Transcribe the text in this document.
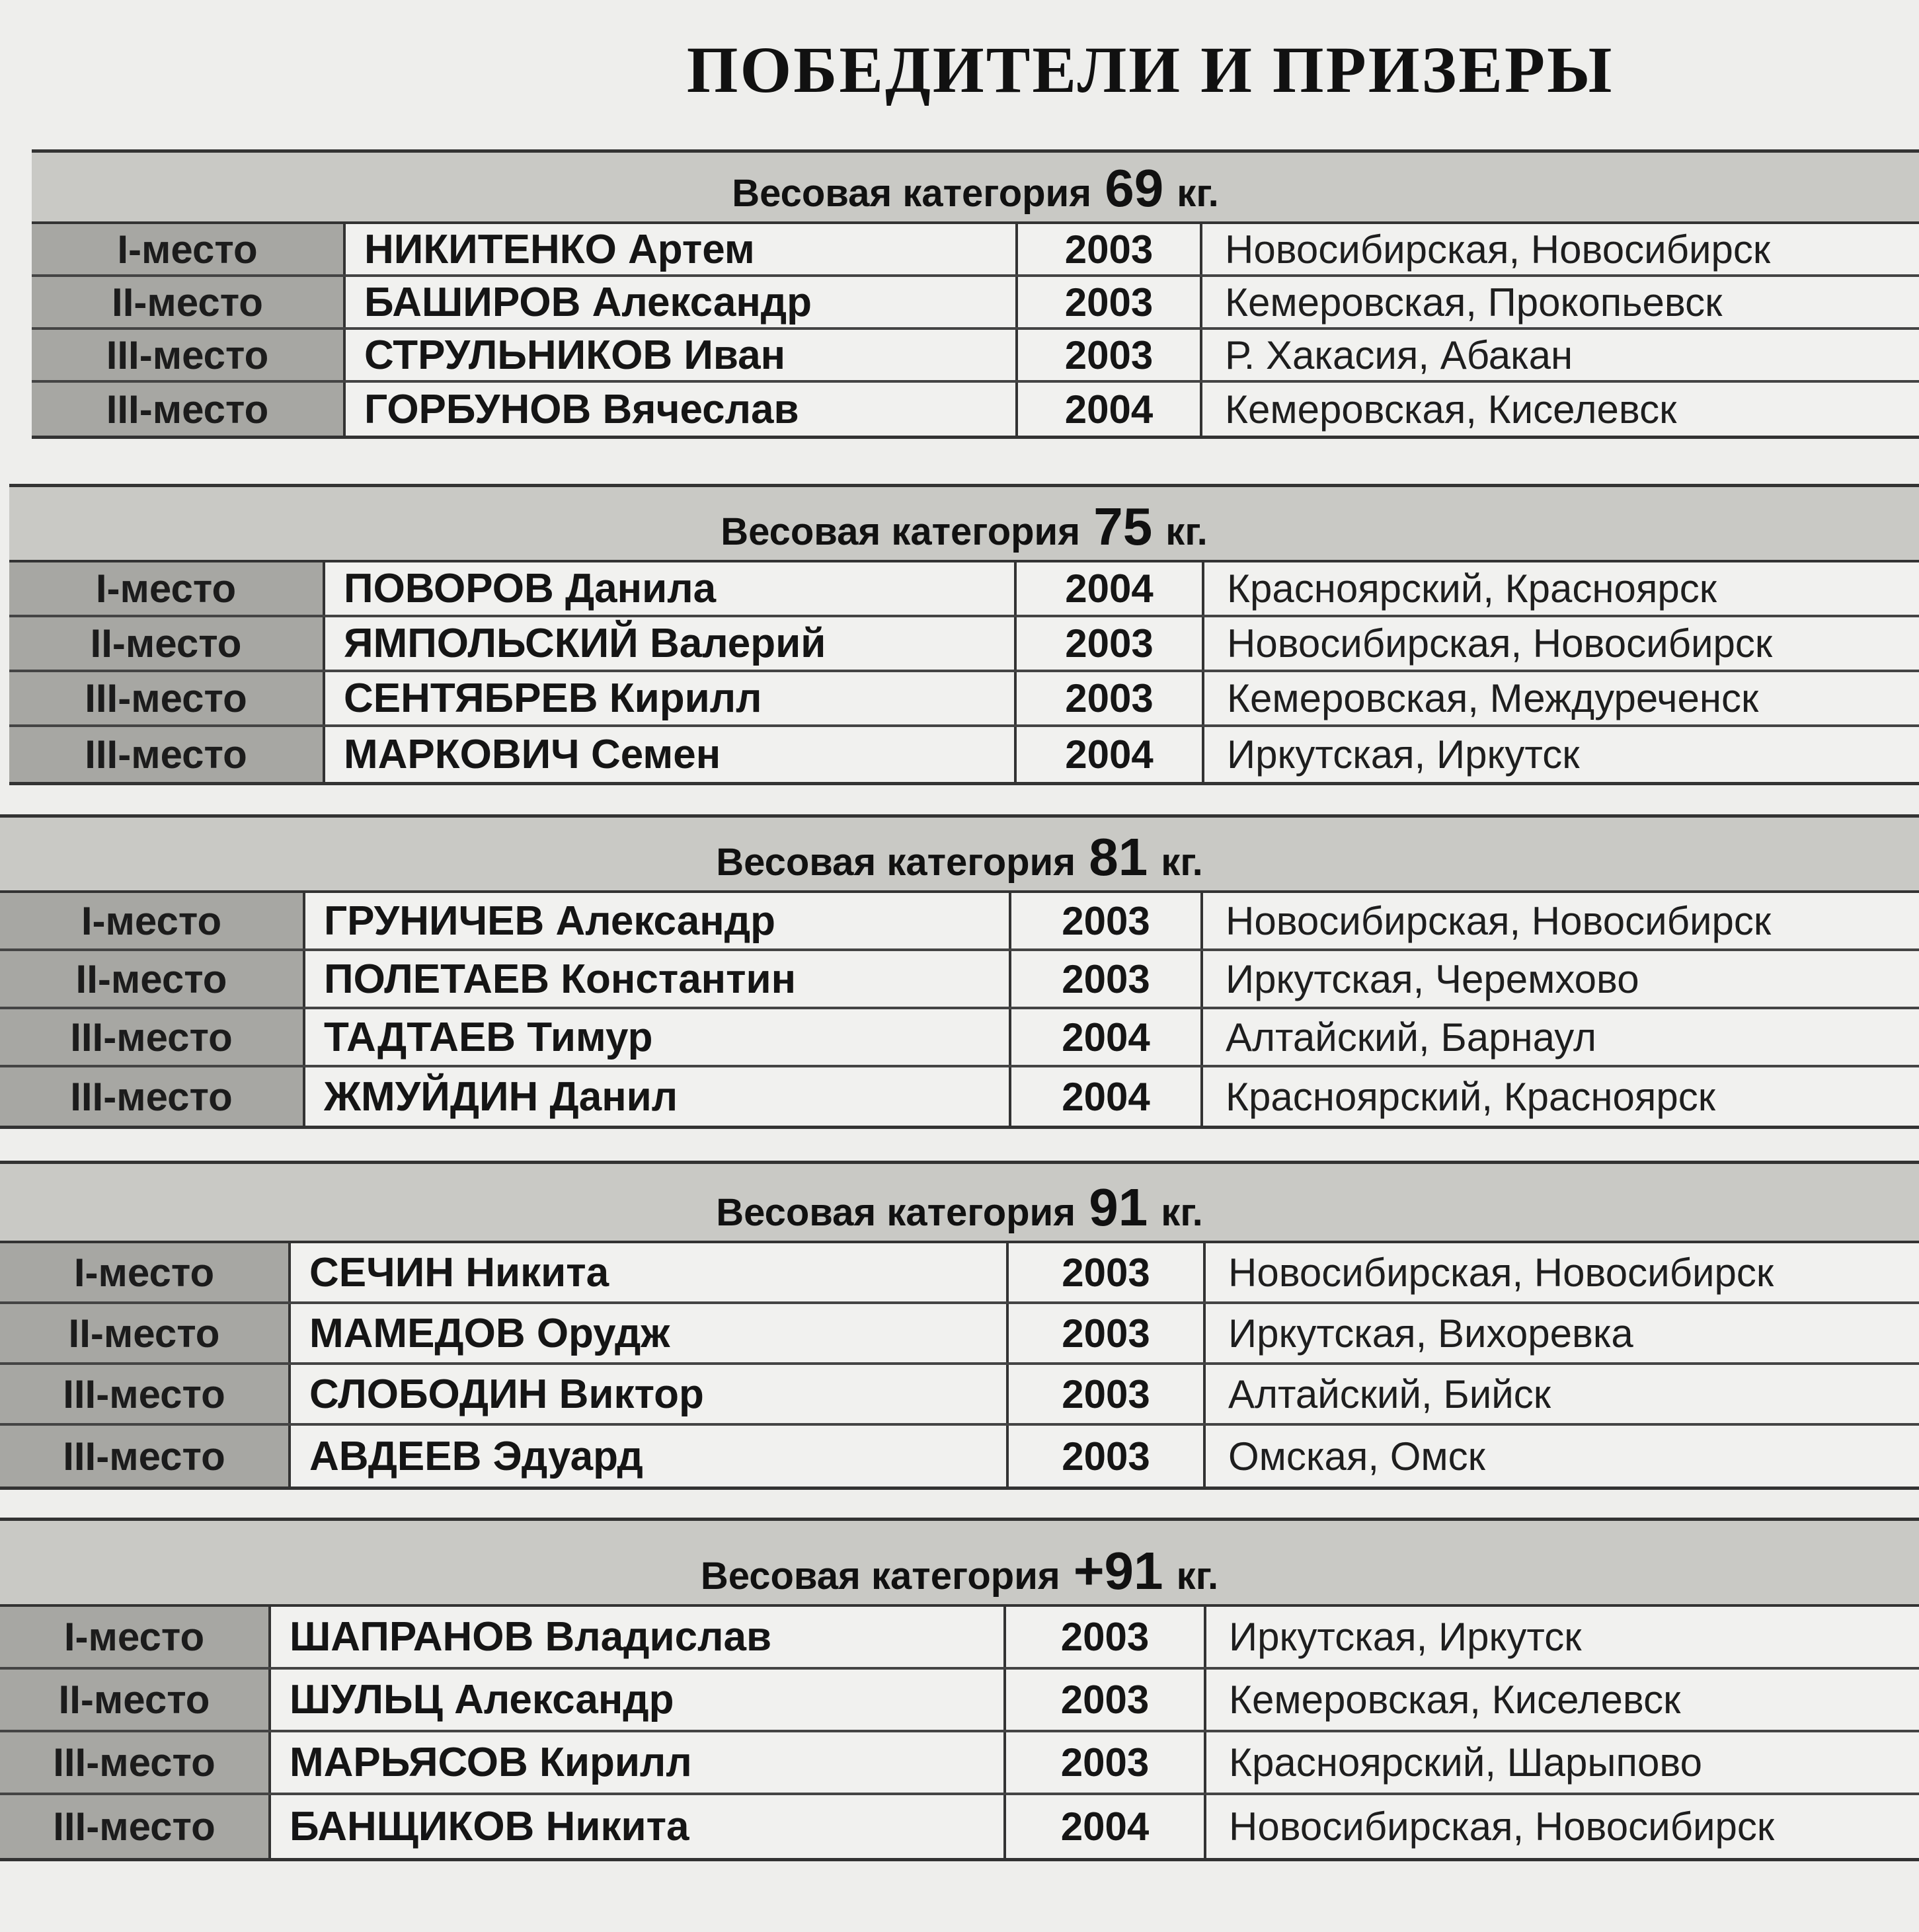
ПОБЕДИТЕЛИ И ПРИЗЕРЫ
Весовая категория 69 кг.
I-место	НИКИТЕНКО Артем	2003	Новосибирская, Новосибирск
II-место	БАШИРОВ Александр	2003	Кемеровская, Прокопьевск
III-место	СТРУЛЬНИКОВ Иван	2003	Р. Хакасия, Абакан
III-место	ГОРБУНОВ Вячеслав	2004	Кемеровская, Киселевск
Весовая категория 75 кг.
I-место	ПОВОРОВ Данила	2004	Красноярский, Красноярск
II-место	ЯМПОЛЬСКИЙ Валерий	2003	Новосибирская, Новосибирск
III-место	СЕНТЯБРЕВ Кирилл	2003	Кемеровская, Междуреченск
III-место	МАРКОВИЧ Семен	2004	Иркутская, Иркутск
Весовая категория 81 кг.
I-место	ГРУНИЧЕВ Александр	2003	Новосибирская, Новосибирск
II-место	ПОЛЕТАЕВ Константин	2003	Иркутская, Черемхово
III-место	ТАДТАЕВ Тимур	2004	Алтайский, Барнаул
III-место	ЖМУЙДИН Данил	2004	Красноярский, Красноярск
Весовая категория 91 кг.
I-место	СЕЧИН Никита	2003	Новосибирская, Новосибирск
II-место	МАМЕДОВ Орудж	2003	Иркутская, Вихоревка
III-место	СЛОБОДИН Виктор	2003	Алтайский, Бийск
III-место	АВДЕЕВ Эдуард	2003	Омская, Омск
Весовая категория +91 кг.
I-место	ШАПРАНОВ Владислав	2003	Иркутская, Иркутск
II-место	ШУЛЬЦ Александр	2003	Кемеровская, Киселевск
III-место	МАРЬЯСОВ Кирилл	2003	Красноярский, Шарыпово
III-место	БАНЩИКОВ Никита	2004	Новосибирская, Новосибирск
